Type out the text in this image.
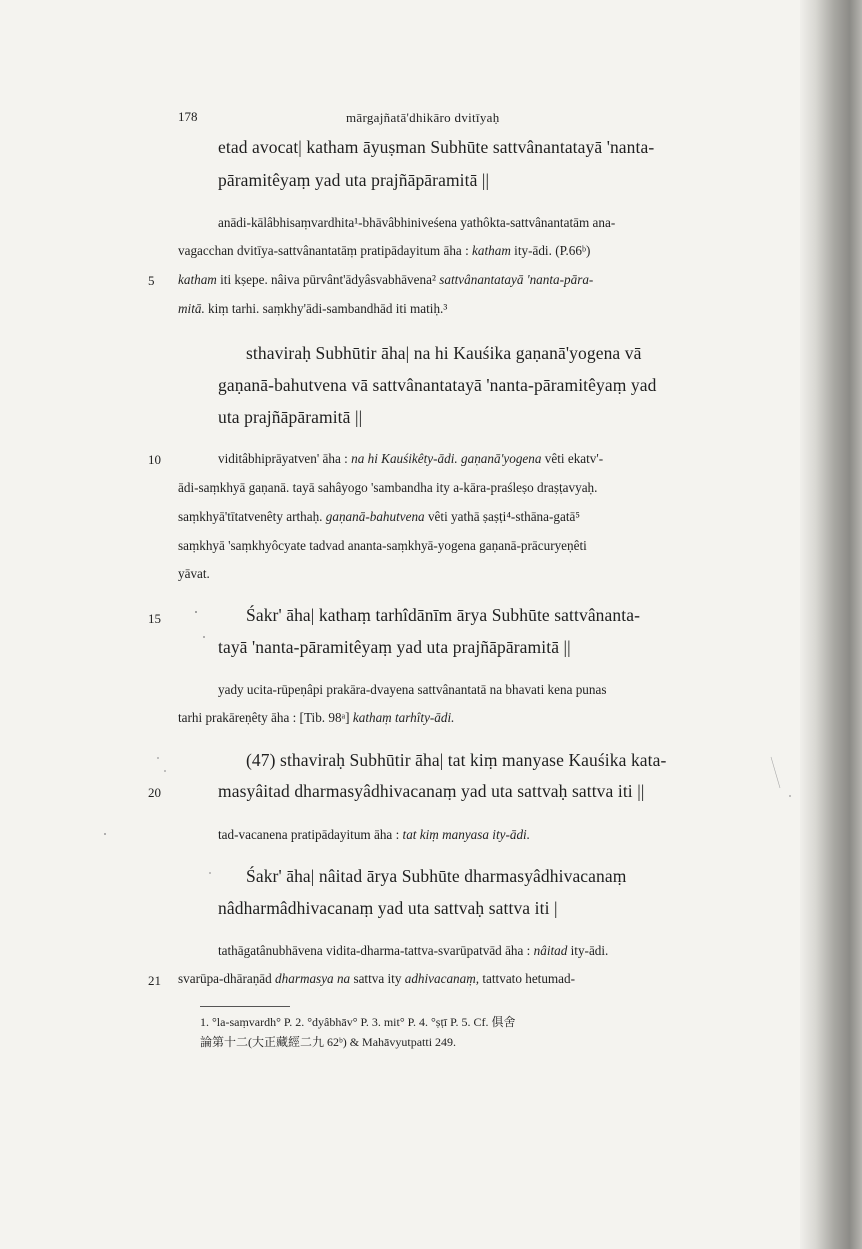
178	mārgajñatā'dhikāro dvitīyaḥ
etad avocat| katham āyuṣman Subhūte sattvânantatayā 'nanta-
pāramitêyaṃ yad uta prajñāpāramitā ||
anādi-kālâbhisaṃvardhita¹-bhāvâbhiniveśena yathôkta-sattvânantatām ana-
vagacchan dvitīya-sattvânantatāṃ pratipādayitum āha : katham ity-ādi. (P.66ᵇ)
5 katham iti kṣepe. nâiva pūrvânt'ādyâsvabhāvena² sattvânantatayā 'nanta-pāra-
mitā. kiṃ tarhi. saṃkhy'ādi-sambandhād iti matiḥ.³
sthaviraḥ Subhūtir āha| na hi Kauśika gaṇanā'yogena vā
gaṇanā-bahutvena vā sattvânantatayā 'nanta-pāramitêyaṃ yad
uta prajñāpāramitā ||
10	viditâbhiprāyatven' āha : na hi Kauśikêty-ādi. gaṇanā'yogena vêti ekatv'-
ādi-saṃkhyā gaṇanā. tayā sahâyogo 'sambandha ity a-kāra-praśleṣo draṣṭavyaḥ.
saṃkhyā'tītatvenêty arthaḥ. gaṇanā-bahutvena vêti yathā ṣaṣṭi⁴-sthāna-gatā⁵
saṃkhyā 'saṃkhyôcyate tadvad ananta-saṃkhyā-yogena gaṇanā-prācuryeṇêti
yāvat.
15	Śakr' āha| kathaṃ tarhîdānīm ārya Subhūte sattvânanta-
tayā 'nanta-pāramitêyaṃ yad uta prajñāpāramitā ||
yady ucita-rūpeṇâpi prakāra-dvayena sattvânantatā na bhavati kena punas
tarhi prakāreṇêty āha : [Tib. 98ᵃ] kathaṃ tarhîty-ādi.
(47) sthaviraḥ Subhūtir āha| tat kiṃ manyase Kauśika kata-
20	masyâitad dharmasyâdhivacanaṃ yad uta sattvaḥ sattva iti ||
tad-vacanena pratipādayitum āha : tat kiṃ manyasa ity-ādi.
Śakr' āha| nâitad ārya Subhūte dharmasyâdhivacanaṃ
nâdharmâdhivacanaṃ yad uta sattvaḥ sattva iti |
tathāgatânubhāvena vidita-dharma-tattva-svarūpatvād āha : nâitad ity-ādi.
21 svarūpa-dhāraṇād dharmasya na sattva ity adhivacanaṃ, tattvato hetumad-
1. °la-saṃvardh° P. 2. °dyâbhāv° P. 3. mit° P. 4. °ṣṭī P. 5. Cf. 俱舍
論第十二(大正藏經二九 62ᵇ) & Mahāvyutpatti 249.
